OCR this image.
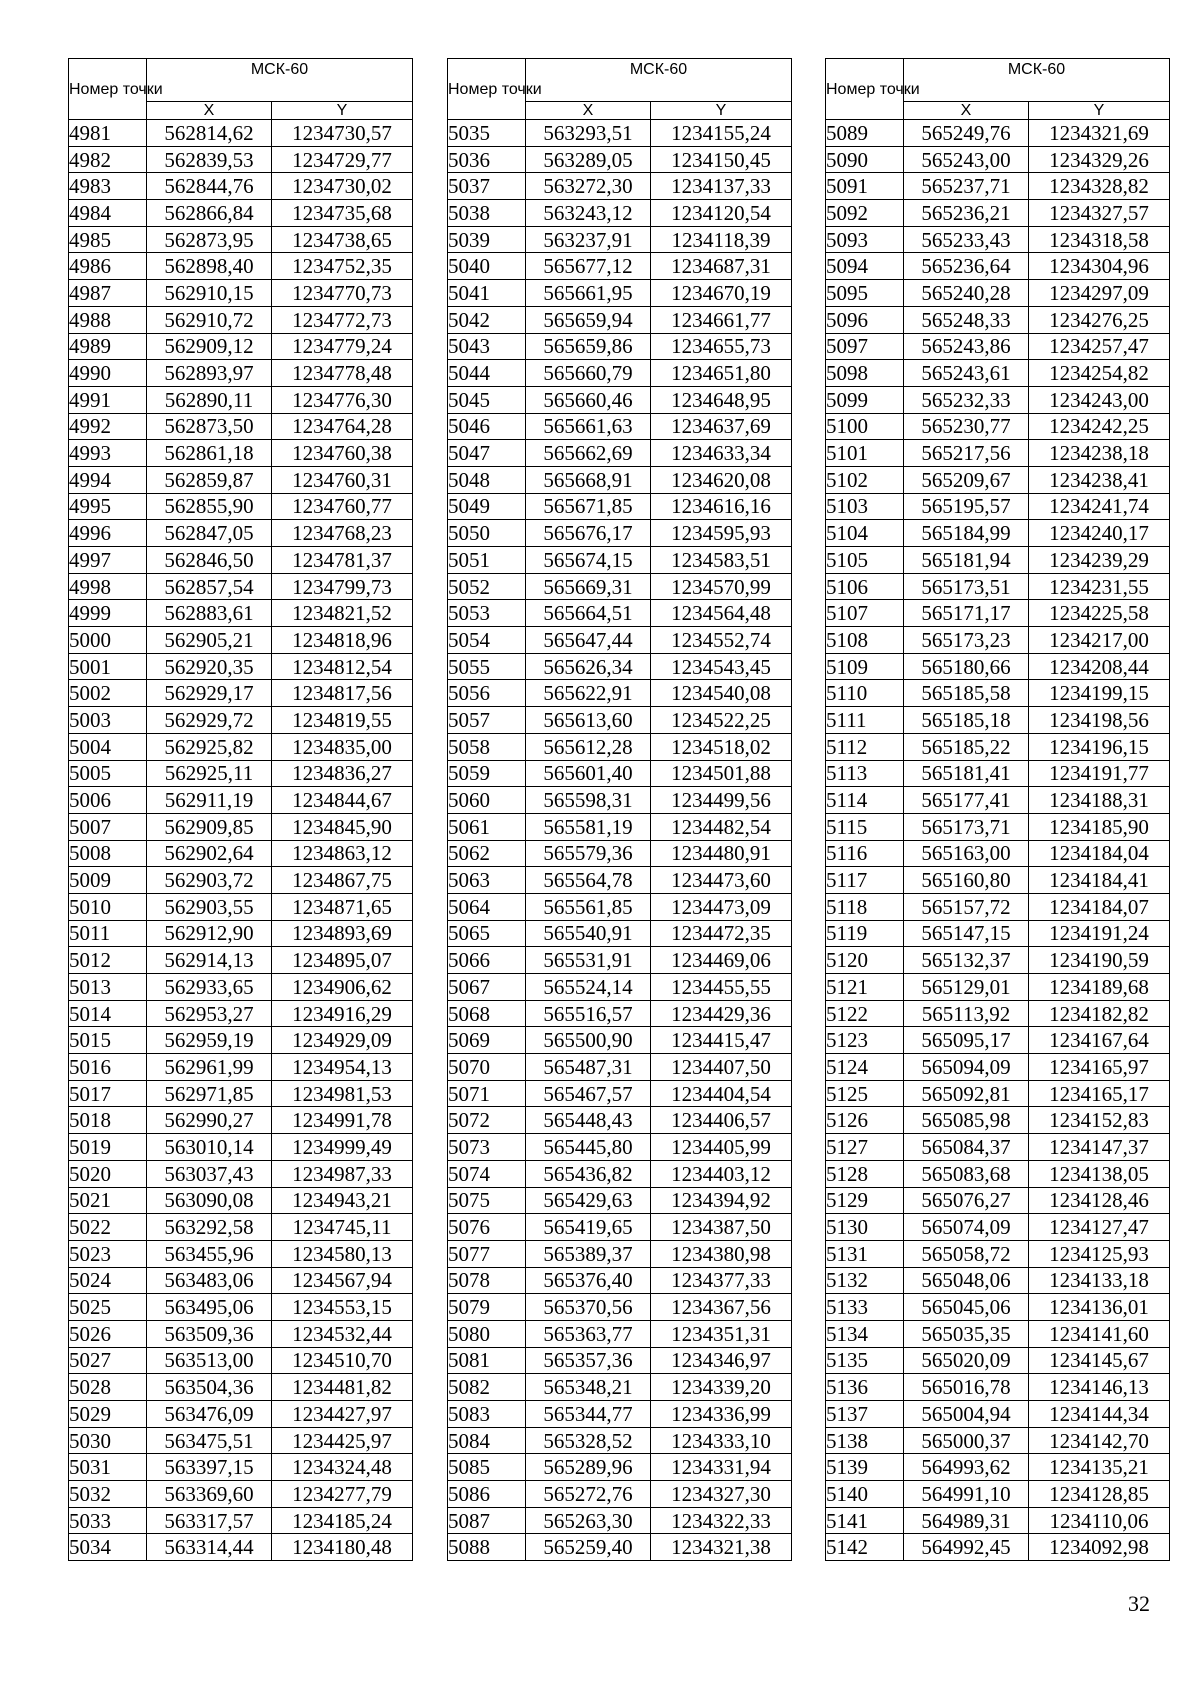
Номер точки	МСК-60	
	X	Y
4981	562814,62	1234730,57
4982	562839,53	1234729,77
4983	562844,76	1234730,02
4984	562866,84	1234735,68
4985	562873,95	1234738,65
4986	562898,40	1234752,35
4987	562910,15	1234770,73
4988	562910,72	1234772,73
4989	562909,12	1234779,24
4990	562893,97	1234778,48
4991	562890,11	1234776,30
4992	562873,50	1234764,28
4993	562861,18	1234760,38
4994	562859,87	1234760,31
4995	562855,90	1234760,77
4996	562847,05	1234768,23
4997	562846,50	1234781,37
4998	562857,54	1234799,73
4999	562883,61	1234821,52
5000	562905,21	1234818,96
5001	562920,35	1234812,54
5002	562929,17	1234817,56
5003	562929,72	1234819,55
5004	562925,82	1234835,00
5005	562925,11	1234836,27
5006	562911,19	1234844,67
5007	562909,85	1234845,90
5008	562902,64	1234863,12
5009	562903,72	1234867,75
5010	562903,55	1234871,65
5011	562912,90	1234893,69
5012	562914,13	1234895,07
5013	562933,65	1234906,62
5014	562953,27	1234916,29
5015	562959,19	1234929,09
5016	562961,99	1234954,13
5017	562971,85	1234981,53
5018	562990,27	1234991,78
5019	563010,14	1234999,49
5020	563037,43	1234987,33
5021	563090,08	1234943,21
5022	563292,58	1234745,11
5023	563455,96	1234580,13
5024	563483,06	1234567,94
5025	563495,06	1234553,15
5026	563509,36	1234532,44
5027	563513,00	1234510,70
5028	563504,36	1234481,82
5029	563476,09	1234427,97
5030	563475,51	1234425,97
5031	563397,15	1234324,48
5032	563369,60	1234277,79
5033	563317,57	1234185,24
5034	563314,44	1234180,48
Номер точки	МСК-60	
	X	Y
5035	563293,51	1234155,24
5036	563289,05	1234150,45
5037	563272,30	1234137,33
5038	563243,12	1234120,54
5039	563237,91	1234118,39
5040	565677,12	1234687,31
5041	565661,95	1234670,19
5042	565659,94	1234661,77
5043	565659,86	1234655,73
5044	565660,79	1234651,80
5045	565660,46	1234648,95
5046	565661,63	1234637,69
5047	565662,69	1234633,34
5048	565668,91	1234620,08
5049	565671,85	1234616,16
5050	565676,17	1234595,93
5051	565674,15	1234583,51
5052	565669,31	1234570,99
5053	565664,51	1234564,48
5054	565647,44	1234552,74
5055	565626,34	1234543,45
5056	565622,91	1234540,08
5057	565613,60	1234522,25
5058	565612,28	1234518,02
5059	565601,40	1234501,88
5060	565598,31	1234499,56
5061	565581,19	1234482,54
5062	565579,36	1234480,91
5063	565564,78	1234473,60
5064	565561,85	1234473,09
5065	565540,91	1234472,35
5066	565531,91	1234469,06
5067	565524,14	1234455,55
5068	565516,57	1234429,36
5069	565500,90	1234415,47
5070	565487,31	1234407,50
5071	565467,57	1234404,54
5072	565448,43	1234406,57
5073	565445,80	1234405,99
5074	565436,82	1234403,12
5075	565429,63	1234394,92
5076	565419,65	1234387,50
5077	565389,37	1234380,98
5078	565376,40	1234377,33
5079	565370,56	1234367,56
5080	565363,77	1234351,31
5081	565357,36	1234346,97
5082	565348,21	1234339,20
5083	565344,77	1234336,99
5084	565328,52	1234333,10
5085	565289,96	1234331,94
5086	565272,76	1234327,30
5087	565263,30	1234322,33
5088	565259,40	1234321,38
Номер точки	МСК-60	
	X	Y
5089	565249,76	1234321,69
5090	565243,00	1234329,26
5091	565237,71	1234328,82
5092	565236,21	1234327,57
5093	565233,43	1234318,58
5094	565236,64	1234304,96
5095	565240,28	1234297,09
5096	565248,33	1234276,25
5097	565243,86	1234257,47
5098	565243,61	1234254,82
5099	565232,33	1234243,00
5100	565230,77	1234242,25
5101	565217,56	1234238,18
5102	565209,67	1234238,41
5103	565195,57	1234241,74
5104	565184,99	1234240,17
5105	565181,94	1234239,29
5106	565173,51	1234231,55
5107	565171,17	1234225,58
5108	565173,23	1234217,00
5109	565180,66	1234208,44
5110	565185,58	1234199,15
5111	565185,18	1234198,56
5112	565185,22	1234196,15
5113	565181,41	1234191,77
5114	565177,41	1234188,31
5115	565173,71	1234185,90
5116	565163,00	1234184,04
5117	565160,80	1234184,41
5118	565157,72	1234184,07
5119	565147,15	1234191,24
5120	565132,37	1234190,59
5121	565129,01	1234189,68
5122	565113,92	1234182,82
5123	565095,17	1234167,64
5124	565094,09	1234165,97
5125	565092,81	1234165,17
5126	565085,98	1234152,83
5127	565084,37	1234147,37
5128	565083,68	1234138,05
5129	565076,27	1234128,46
5130	565074,09	1234127,47
5131	565058,72	1234125,93
5132	565048,06	1234133,18
5133	565045,06	1234136,01
5134	565035,35	1234141,60
5135	565020,09	1234145,67
5136	565016,78	1234146,13
5137	565004,94	1234144,34
5138	565000,37	1234142,70
5139	564993,62	1234135,21
5140	564991,10	1234128,85
5141	564989,31	1234110,06
5142	564992,45	1234092,98
32
